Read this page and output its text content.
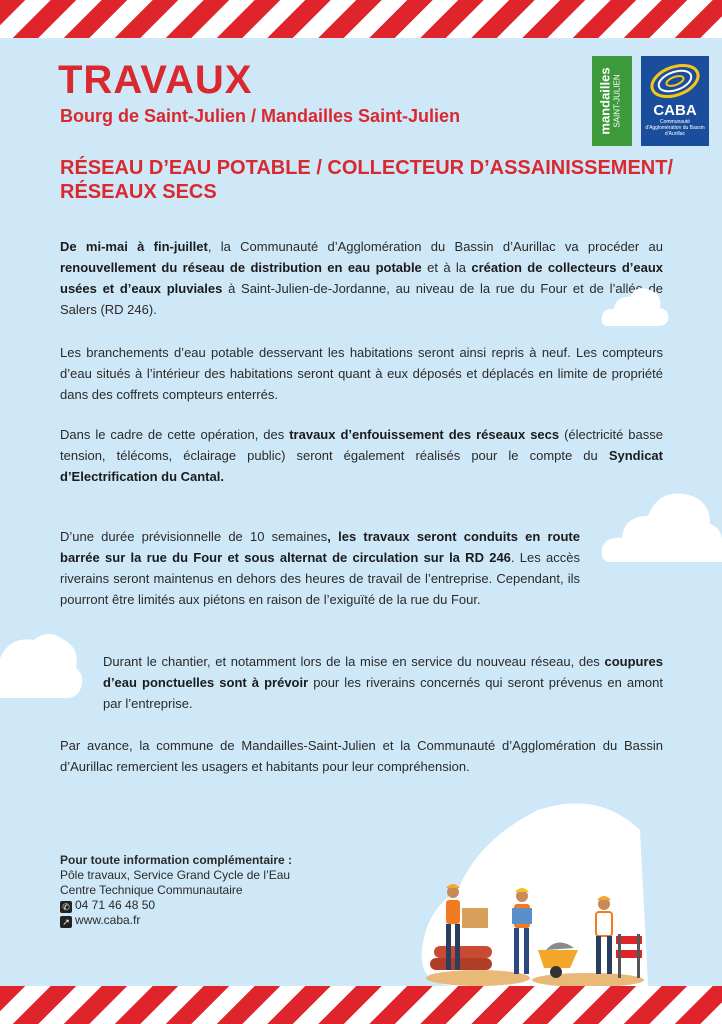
TRAVAUX
Bourg de Saint-Julien / Mandailles Saint-Julien	mandailles SAINT-JULIEN	CABA
Communauté d'Agglomération du Bassin d'Aurillac
RÉSEAU D’EAU POTABLE / COLLECTEUR D’ASSAINISSEMENT/ RÉSEAUX SECS

De mi-mai à fin-juillet, la Communauté d’Agglomération du Bassin d’Aurillac va procéder au renouvellement du réseau de distribution en eau potable et à la création de collecteurs d’eaux usées et d’eaux pluviales à Saint-Julien-de-Jordanne, au niveau de la rue du Four et de l’allée de Salers (RD 246).

Les branchements d’eau potable desservant les habitations seront ainsi repris à neuf. Les compteurs d’eau situés à l’intérieur des habitations seront quant à eux déposés et déplacés en limite de propriété dans des coffrets compteurs enterrés.

Dans le cadre de cette opération, des travaux d’enfouissement des réseaux secs (électricité basse tension, télécoms, éclairage public) seront également réalisés pour le compte du Syndicat d’Electrification du Cantal.

D’une durée prévisionnelle de 10 semaines, les travaux seront conduits en route barrée sur la rue du Four et sous alternat de circulation sur la RD 246. Les accès riverains seront maintenus en dehors des heures de travail de l’entreprise. Cependant, ils pourront être limités aux piétons en raison de l’exiguïté de la rue du Four.

Durant le chantier, et notamment lors de la mise en service du nouveau réseau, des coupures d’eau ponctuelles sont à prévoir pour les riverains concernés qui seront prévenus en amont par l’entreprise.

Par avance, la commune de Mandailles-Saint-Julien et la Communauté d’Agglomération du Bassin d’Aurillac remercient les usagers et habitants pour leur compréhension.

Pour toute information complémentaire :
Pôle travaux, Service Grand Cycle de l’Eau
Centre Technique Communautaire
✆ 04 71 46 48 50
↗ www.caba.fr
